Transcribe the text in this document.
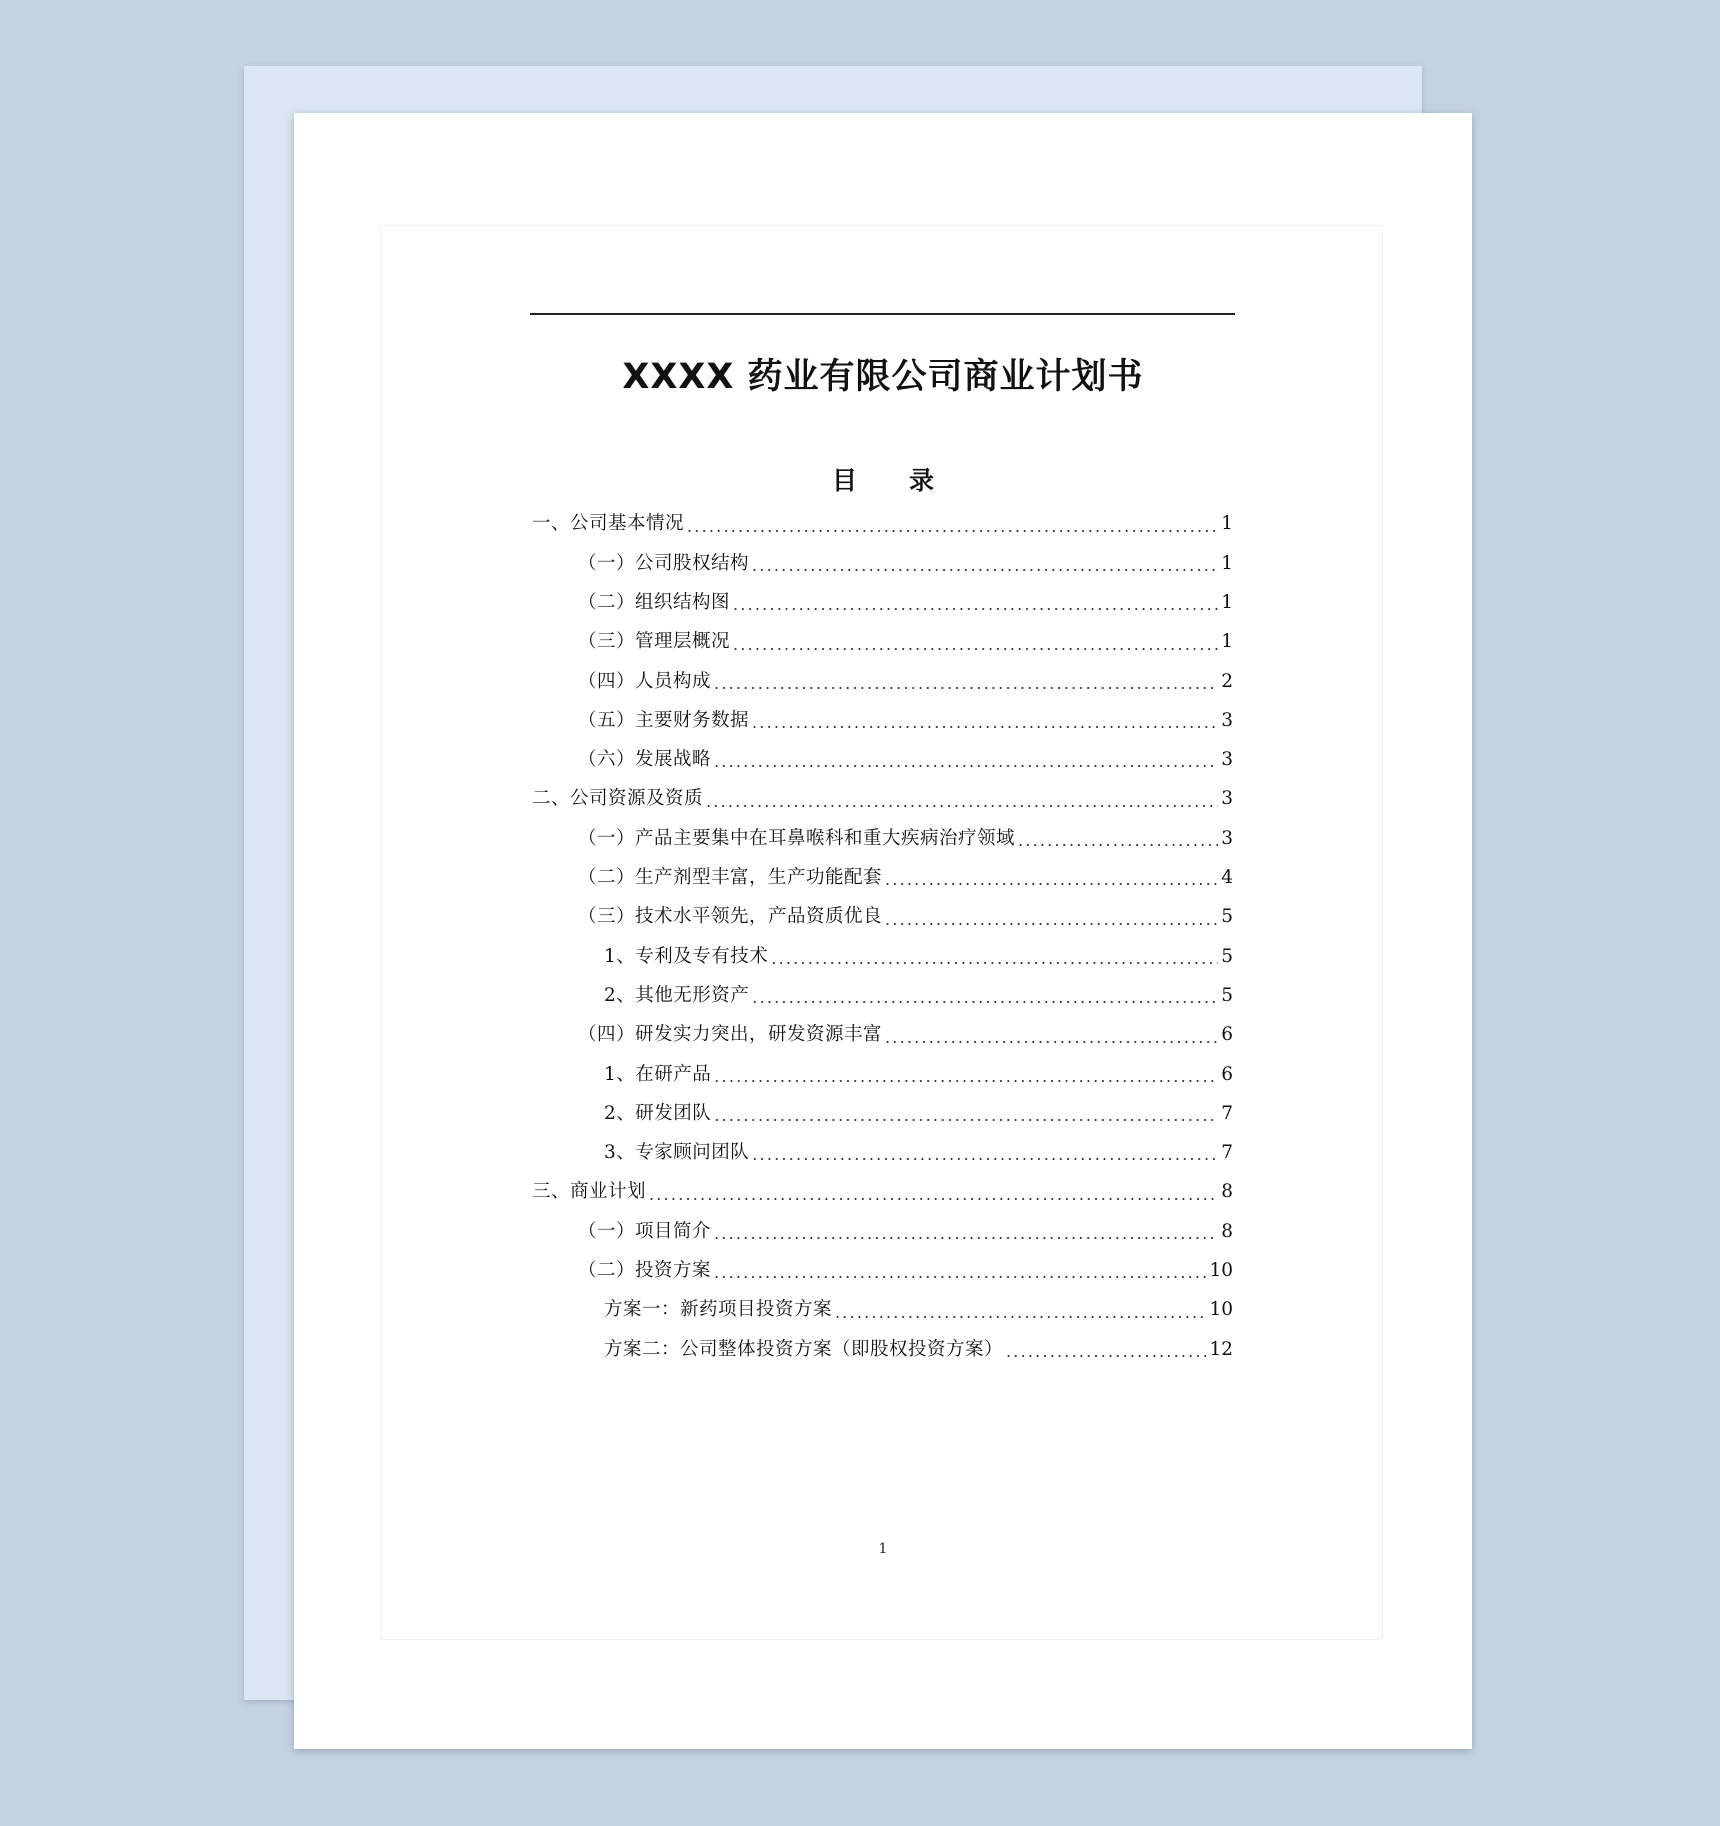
XXXX 药业有限公司商业计划书
目录
一、公司基本情况 .....	1
（一）公司股权结构 .....	1
（二）组织结构图 .....	1
（三）管理层概况 .....	1
（四）人员构成 .....	2
（五）主要财务数据 .....	3
（六）发展战略 .....	3
二、公司资源及资质 .....	3
（一）产品主要集中在耳鼻喉科和重大疾病治疗领域 .....	3
（二）生产剂型丰富，生产功能配套 .....	4
（三）技术水平领先，产品资质优良 .....	5
1、专利及专有技术 .....	5
2、其他无形资产 .....	5
（四）研发实力突出，研发资源丰富 .....	6
1、在研产品 .....	6
2、研发团队 .....	7
3、专家顾问团队 .....	7
三、商业计划 .....	8
（一）项目简介 .....	8
（二）投资方案 .....	10
方案一：新药项目投资方案 .....	10
方案二：公司整体投资方案（即股权投资方案） .....	12
1
